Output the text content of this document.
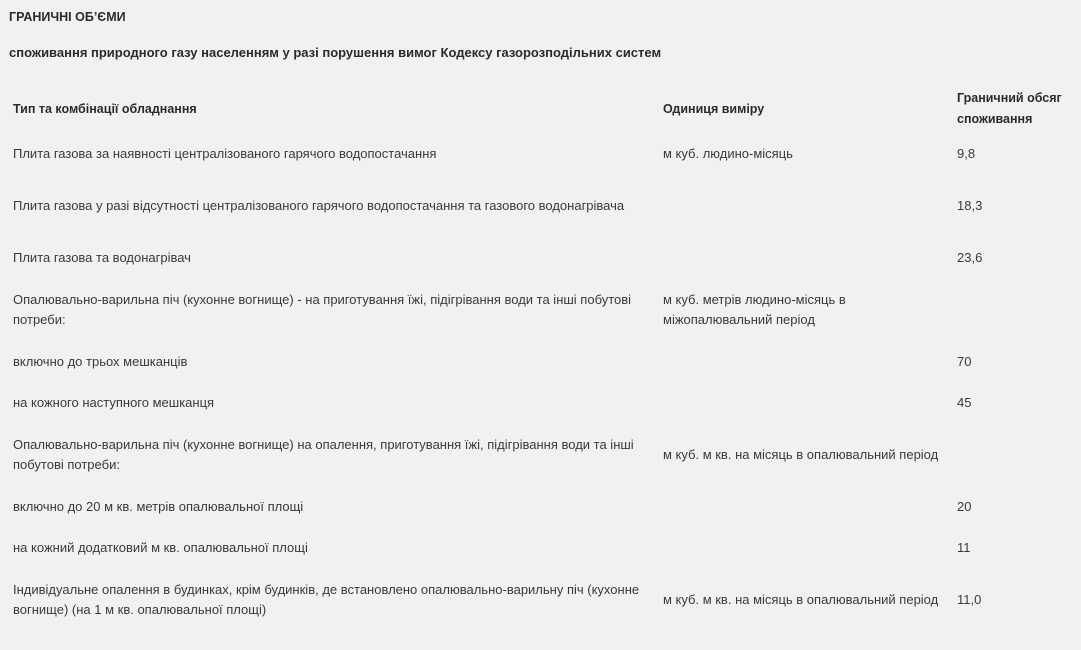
ГРАНИЧНІ ОБ’ЄМИ
споживання природного газу населенням у разі порушення вимог Кодексу газорозподільних систем
Тип та комбінації обладнання	Одиниця виміру	Граничний обсяг споживання
Плита газова за наявності централізованого гарячого водопостачання	м куб. людино-місяць	9,8
Плита газова у разі відсутності централізованого гарячого водопостачання та газового водонагрівача		18,3
Плита газова та водонагрівач		23,6
Опалювально-варильна піч (кухонне вогнище) - на приготування їжі, підігрівання води та інші побутові потреби:	м куб. метрів людино-місяць в міжопалювальний період	
включно до трьох мешканців		70
на кожного наступного мешканця		45
Опалювально-варильна піч (кухонне вогнище) на опалення, приготування їжі, підігрівання води та інші побутові потреби:	м куб. м кв. на місяць в опалювальний період	
включно до 20 м кв. метрів опалювальної площі		20
на кожний додатковий м кв. опалювальної площі		11
Індивідуальне опалення в будинках, крім будинків, де встановлено опалювально-варильну піч (кухонне вогнище) (на 1 м кв. опалювальної площі)	м куб. м кв. на місяць в опалювальний період	11,0
